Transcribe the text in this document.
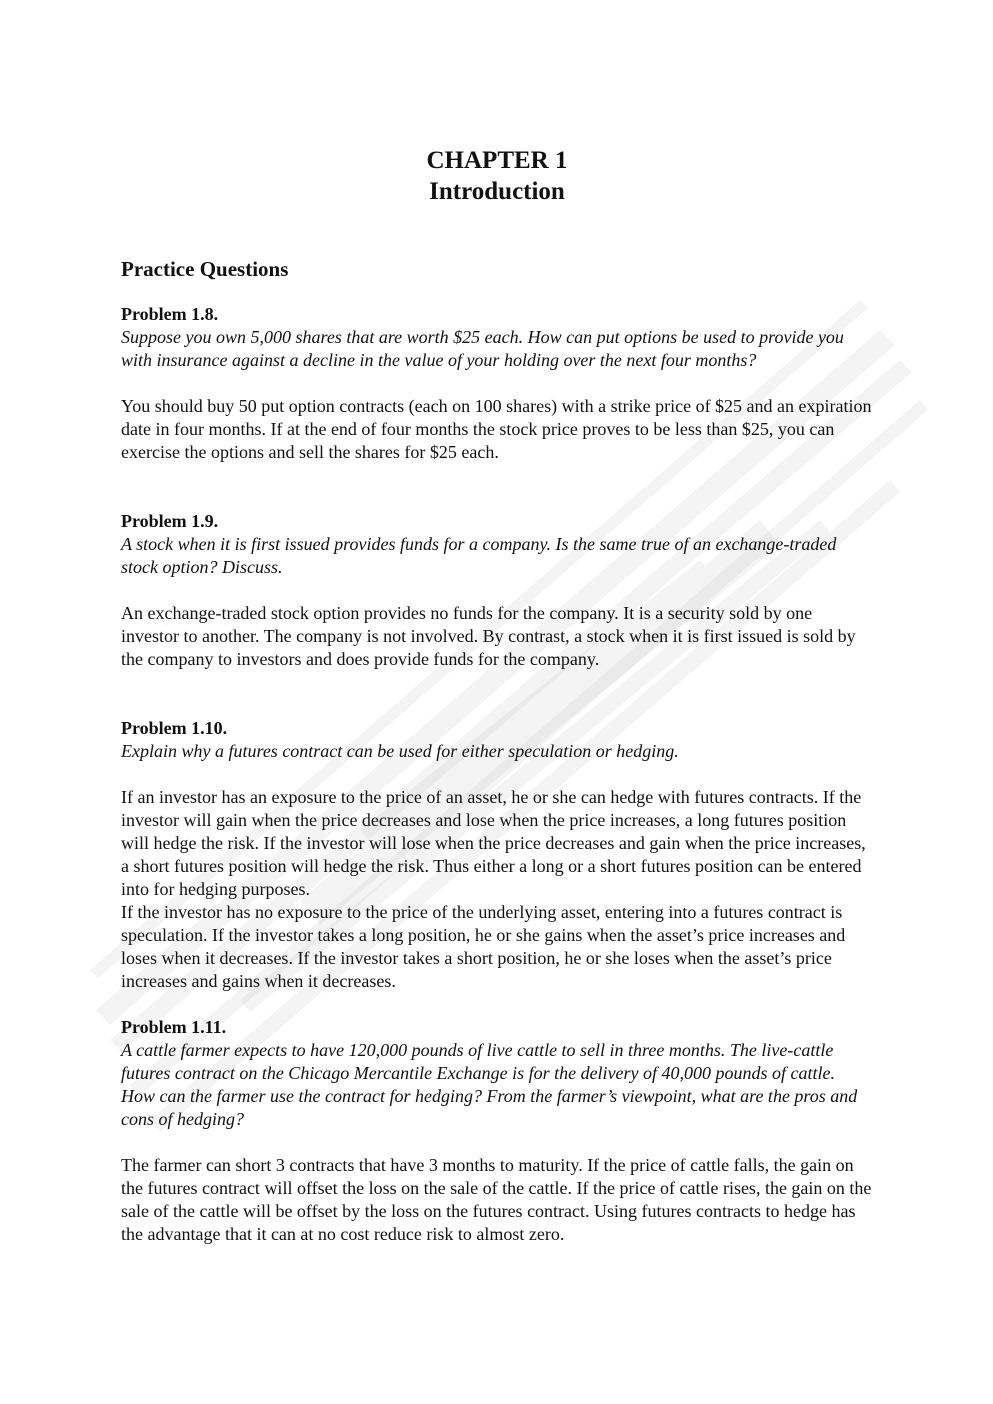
CHAPTER 1
Introduction
Practice Questions
Problem 1.8.
Suppose you own 5,000 shares that are worth $25 each. How can put options be used to provide you with insurance against a decline in the value of your holding over the next four months?

You should buy 50 put option contracts (each on 100 shares) with a strike price of $25 and an expiration date in four months. If at the end of four months the stock price proves to be less than $25, you can exercise the options and sell the shares for $25 each.

Problem 1.9.
A stock when it is first issued provides funds for a company. Is the same true of an exchange-traded stock option? Discuss.

An exchange-traded stock option provides no funds for the company. It is a security sold by one investor to another. The company is not involved. By contrast, a stock when it is first issued is sold by the company to investors and does provide funds for the company.

Problem 1.10.
Explain why a futures contract can be used for either speculation or hedging.

If an investor has an exposure to the price of an asset, he or she can hedge with futures contracts. If the investor will gain when the price decreases and lose when the price increases, a long futures position will hedge the risk. If the investor will lose when the price decreases and gain when the price increases, a short futures position will hedge the risk. Thus either a long or a short futures position can be entered into for hedging purposes.

If the investor has no exposure to the price of the underlying asset, entering into a futures contract is speculation. If the investor takes a long position, he or she gains when the asset’s price increases and loses when it decreases. If the investor takes a short position, he or she loses when the asset’s price increases and gains when it decreases.

Problem 1.11.
A cattle farmer expects to have 120,000 pounds of live cattle to sell in three months. The live-cattle futures contract on the Chicago Mercantile Exchange is for the delivery of 40,000 pounds of cattle. How can the farmer use the contract for hedging? From the farmer’s viewpoint, what are the pros and cons of hedging?

The farmer can short 3 contracts that have 3 months to maturity. If the price of cattle falls, the gain on the futures contract will offset the loss on the sale of the cattle. If the price of cattle rises, the gain on the sale of the cattle will be offset by the loss on the futures contract. Using futures contracts to hedge has the advantage that it can at no cost reduce risk to almost zero.
